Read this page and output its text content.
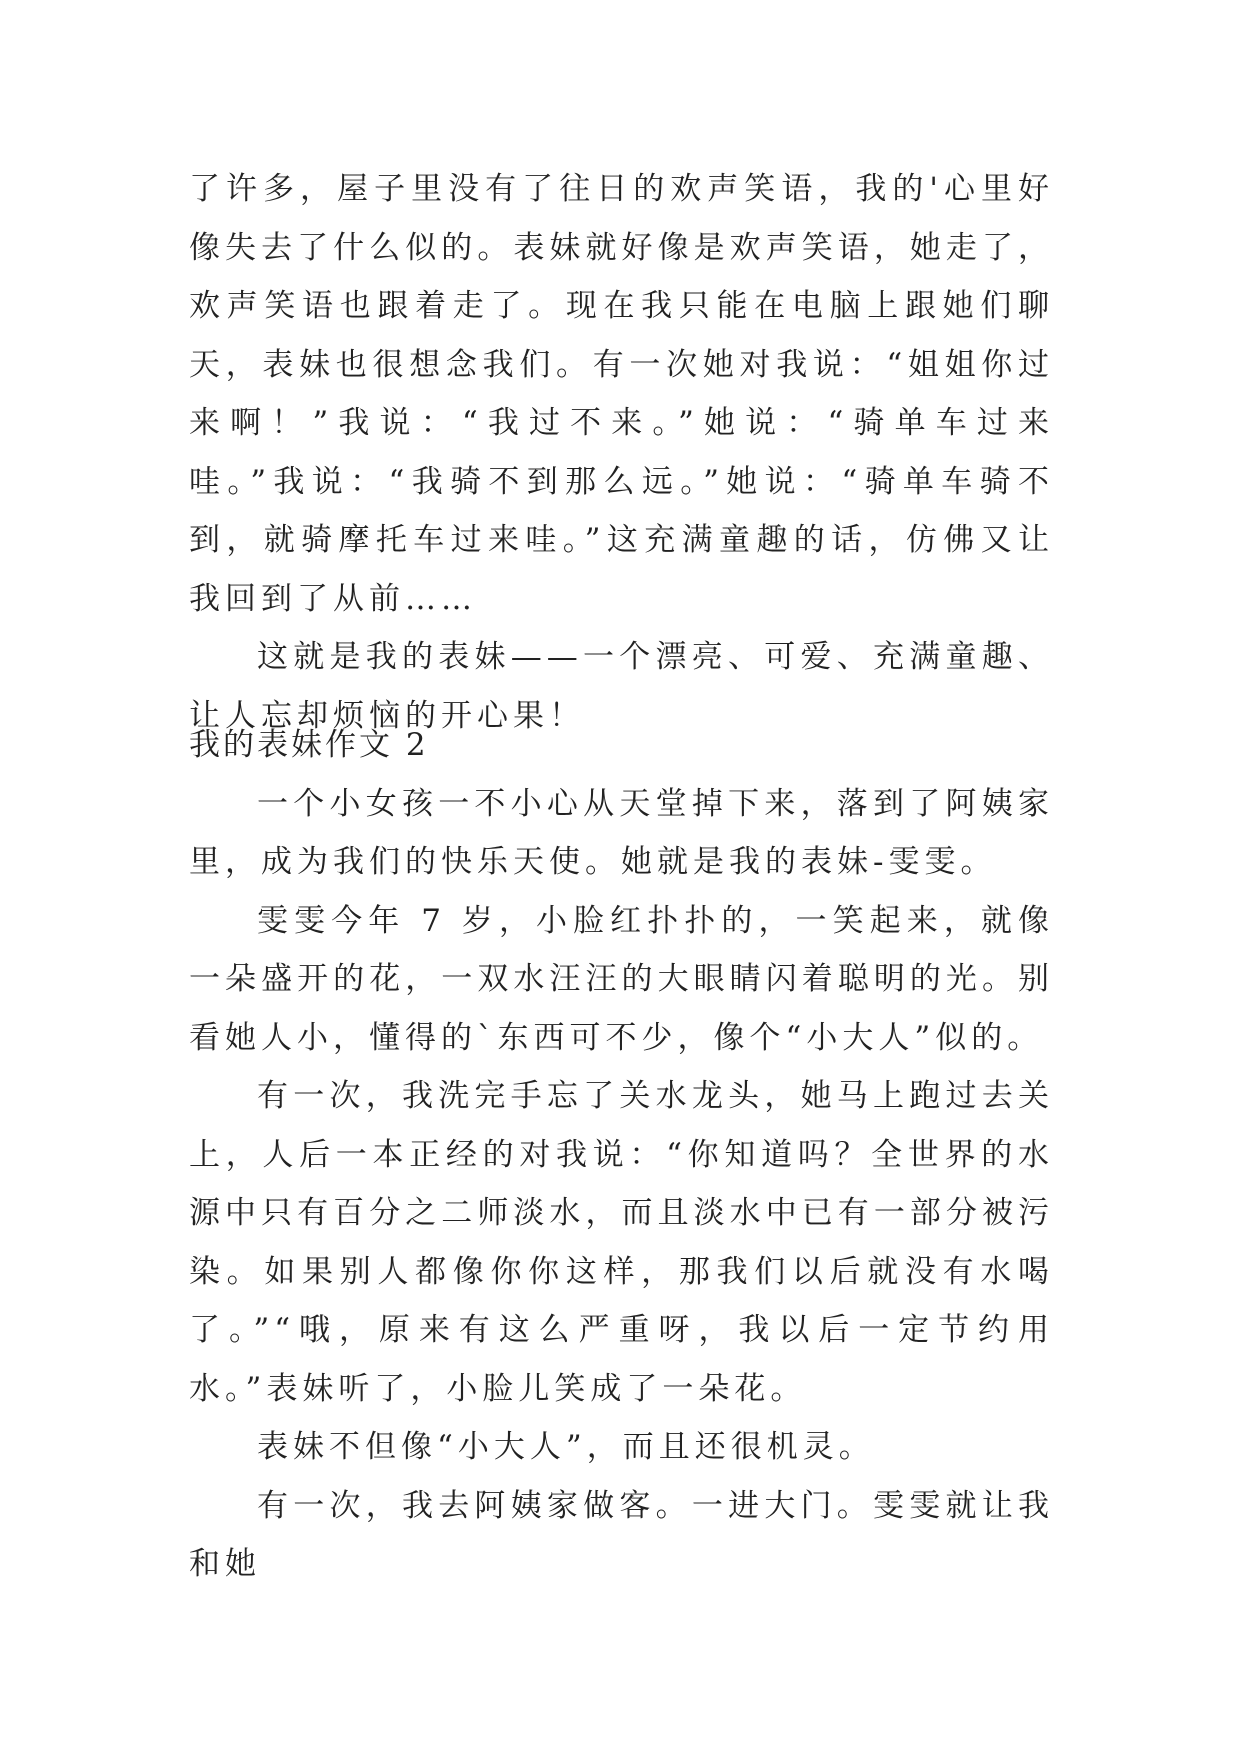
了许多，屋子里没有了往日的欢声笑语，我的'心里好像失去了什么似的。表妹就好像是欢声笑语，她走了，欢声笑语也跟着走了。现在我只能在电脑上跟她们聊天，表妹也很想念我们。有一次她对我说：“姐姐你过来啊！”我说：“我过不来。”她说：“骑单车过来哇。”我说：“我骑不到那么远。”她说：“骑单车骑不到，就骑摩托车过来哇。”这充满童趣的话，仿佛又让我回到了从前……

这就是我的表妹——一个漂亮、可爱、充满童趣、让人忘却烦恼的开心果！

我的表妹作文 2

一个小女孩一不小心从天堂掉下来，落到了阿姨家里，成为我们的快乐天使。她就是我的表妹-雯雯。

雯雯今年 7 岁，小脸红扑扑的，一笑起来，就像一朵盛开的花，一双水汪汪的大眼睛闪着聪明的光。别看她人小，懂得的`东西可不少，像个“小大人”似的。

有一次，我洗完手忘了关水龙头，她马上跑过去关上，人后一本正经的对我说：“你知道吗？全世界的水源中只有百分之二师淡水，而且淡水中已有一部分被污染。如果别人都像你你这样，那我们以后就没有水喝了。”“哦，原来有这么严重呀，我以后一定节约用水。”表妹听了，小脸儿笑成了一朵花。

表妹不但像“小大人”，而且还很机灵。

有一次，我去阿姨家做客。一进大门。雯雯就让我和她
